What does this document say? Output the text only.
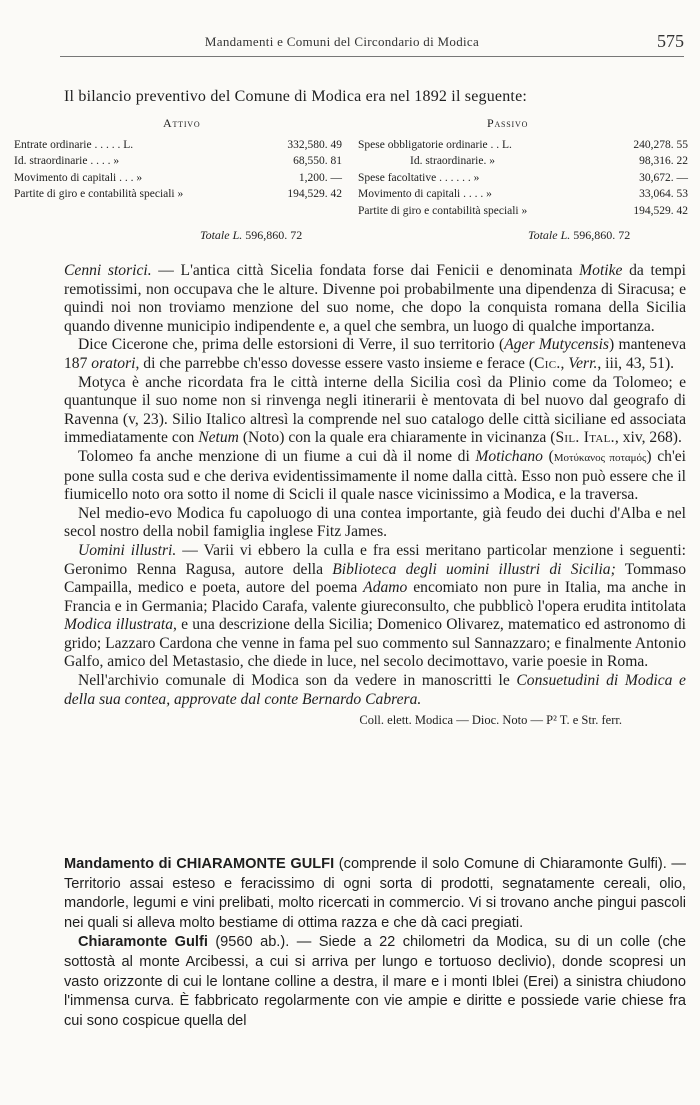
Mandamenti e Comuni del Circondario di Modica	575
Il bilancio preventivo del Comune di Modica era nel 1892 il seguente:
Attivo
Entrate ordinarie . . . . . L.	332,580. 49
Id. straordinarie . . . . »	68,550. 81
Movimento di capitali . . . »	1,200. —
Partite di giro e contabilità speciali »	194,529. 42
Totale L. 596,860. 72
Passivo
Spese obbligatorie ordinarie . . L.	240,278. 55
Id. straordinarie. »	98,316. 22
Spese facoltative . . . . . . »	30,672. —
Movimento di capitali . . . . »	33,064. 53
Partite di giro e contabilità speciali »	194,529. 42
Totale L. 596,860. 72

Cenni storici. — L'antica città Sicelia fondata forse dai Fenicii e denominata Motike da tempi remotissimi, non occupava che le alture. Divenne poi probabilmente una dipendenza di Siracusa; e quindi noi non troviamo menzione del suo nome, che dopo la conquista romana della Sicilia quando divenne municipio indipendente e, a quel che sembra, un luogo di qualche importanza.

Dice Cicerone che, prima delle estorsioni di Verre, il suo territorio (Ager Mutycensis) manteneva 187 oratori, di che parrebbe ch'esso dovesse essere vasto insieme e ferace (Cic., Verr., iii, 43, 51).

Motyca è anche ricordata fra le città interne della Sicilia così da Plinio come da Tolomeo; e quantunque il suo nome non si rinvenga negli itinerarii è mentovata di bel nuovo dal geografo di Ravenna (v, 23). Silio Italico altresì la comprende nel suo catalogo delle città siciliane ed associata immediatamente con Netum (Noto) con la quale era chiaramente in vicinanza (Sil. Ital., xiv, 268).

Tolomeo fa anche menzione di un fiume a cui dà il nome di Motichano (Μοτύκανος ποταμός) ch'ei pone sulla costa sud e che deriva evidentissimamente il nome dalla città. Esso non può essere che il fiumicello noto ora sotto il nome di Scicli il quale nasce vicinissimo a Modica, e la traversa.

Nel medio-evo Modica fu capoluogo di una contea importante, già feudo dei duchi d'Alba e nel secol nostro della nobil famiglia inglese Fitz James.

Uomini illustri. — Varii vi ebbero la culla e fra essi meritano particolar menzione i seguenti: Geronimo Renna Ragusa, autore della Biblioteca degli uomini illustri di Sicilia; Tommaso Campailla, medico e poeta, autore del poema Adamo encomiato non pure in Italia, ma anche in Francia e in Germania; Placido Carafa, valente giureconsulto, che pubblicò l'opera erudita intitolata Modica illustrata, e una descrizione della Sicilia; Domenico Olivarez, matematico ed astronomo di grido; Lazzaro Cardona che venne in fama pel suo commento sul Sannazzaro; e finalmente Antonio Galfo, amico del Metastasio, che diede in luce, nel secolo decimottavo, varie poesie in Roma.

Nell'archivio comunale di Modica son da vedere in manoscritti le Consuetudini di Modica e della sua contea, approvate dal conte Bernardo Cabrera.

Coll. elett. Modica — Dioc. Noto — P² T. e Str. ferr.

Mandamento di CHIARAMONTE GULFI (comprende il solo Comune di Chiaramonte Gulfi). — Territorio assai esteso e feracissimo di ogni sorta di prodotti, segnatamente cereali, olio, mandorle, legumi e vini prelibati, molto ricercati in commercio. Vi si trovano anche pingui pascoli nei quali si alleva molto bestiame di ottima razza e che dà caci pregiati.

Chiaramonte Gulfi (9560 ab.). — Siede a 22 chilometri da Modica, su di un colle (che sottostà al monte Arcibessi, a cui si arriva per lungo e tortuoso declivio), donde scopresi un vasto orizzonte di cui le lontane colline a destra, il mare e i monti Iblei (Erei) a sinistra chiudono l'immensa curva. È fabbricato regolarmente con vie ampie e diritte e possiede varie chiese fra cui sono cospicue quella del
